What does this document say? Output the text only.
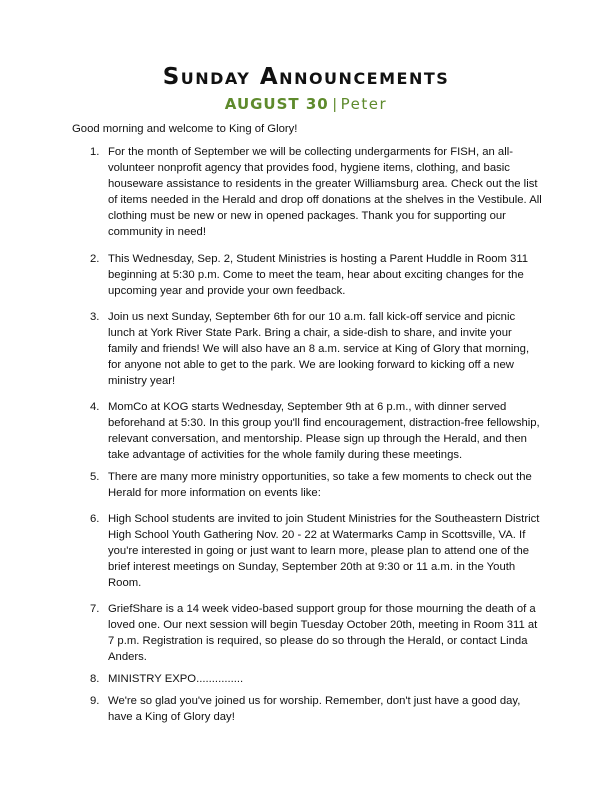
Sunday Announcements
AUGUST 30 | Peter
Good morning and welcome to King of Glory!
1. For the month of September we will be collecting undergarments for FISH, an all-volunteer nonprofit agency that provides food, hygiene items, clothing, and basic houseware assistance to residents in the greater Williamsburg area. Check out the list of items needed in the Herald and drop off donations at the shelves in the Vestibule. All clothing must be new or new in opened packages. Thank you for supporting our community in need!
2. This Wednesday, Sep. 2, Student Ministries is hosting a Parent Huddle in Room 311 beginning at 5:30 p.m. Come to meet the team, hear about exciting changes for the upcoming year and provide your own feedback.
3. Join us next Sunday, September 6th for our 10 a.m. fall kick-off service and picnic lunch at York River State Park. Bring a chair, a side-dish to share, and invite your family and friends! We will also have an 8 a.m. service at King of Glory that morning, for anyone not able to get to the park. We are looking forward to kicking off a new ministry year!
4. MomCo at KOG starts Wednesday, September 9th at 6 p.m., with dinner served beforehand at 5:30. In this group you'll find encouragement, distraction-free fellowship, relevant conversation, and mentorship. Please sign up through the Herald, and then take advantage of activities for the whole family during these meetings.
5. There are many more ministry opportunities, so take a few moments to check out the Herald for more information on events like:
6. High School students are invited to join Student Ministries for the Southeastern District High School Youth Gathering Nov. 20 - 22 at Watermarks Camp in Scottsville, VA. If you're interested in going or just want to learn more, please plan to attend one of the brief interest meetings on Sunday, September 20th at 9:30 or 11 a.m. in the Youth Room.
7. GriefShare is a 14 week video-based support group for those mourning the death of a loved one. Our next session will begin Tuesday October 20th, meeting in Room 311 at 7 p.m. Registration is required, so please do so through the Herald, or contact Linda Anders.
8. MINISTRY EXPO...............
9. We're so glad you've joined us for worship. Remember, don't just have a good day, have a King of Glory day!
